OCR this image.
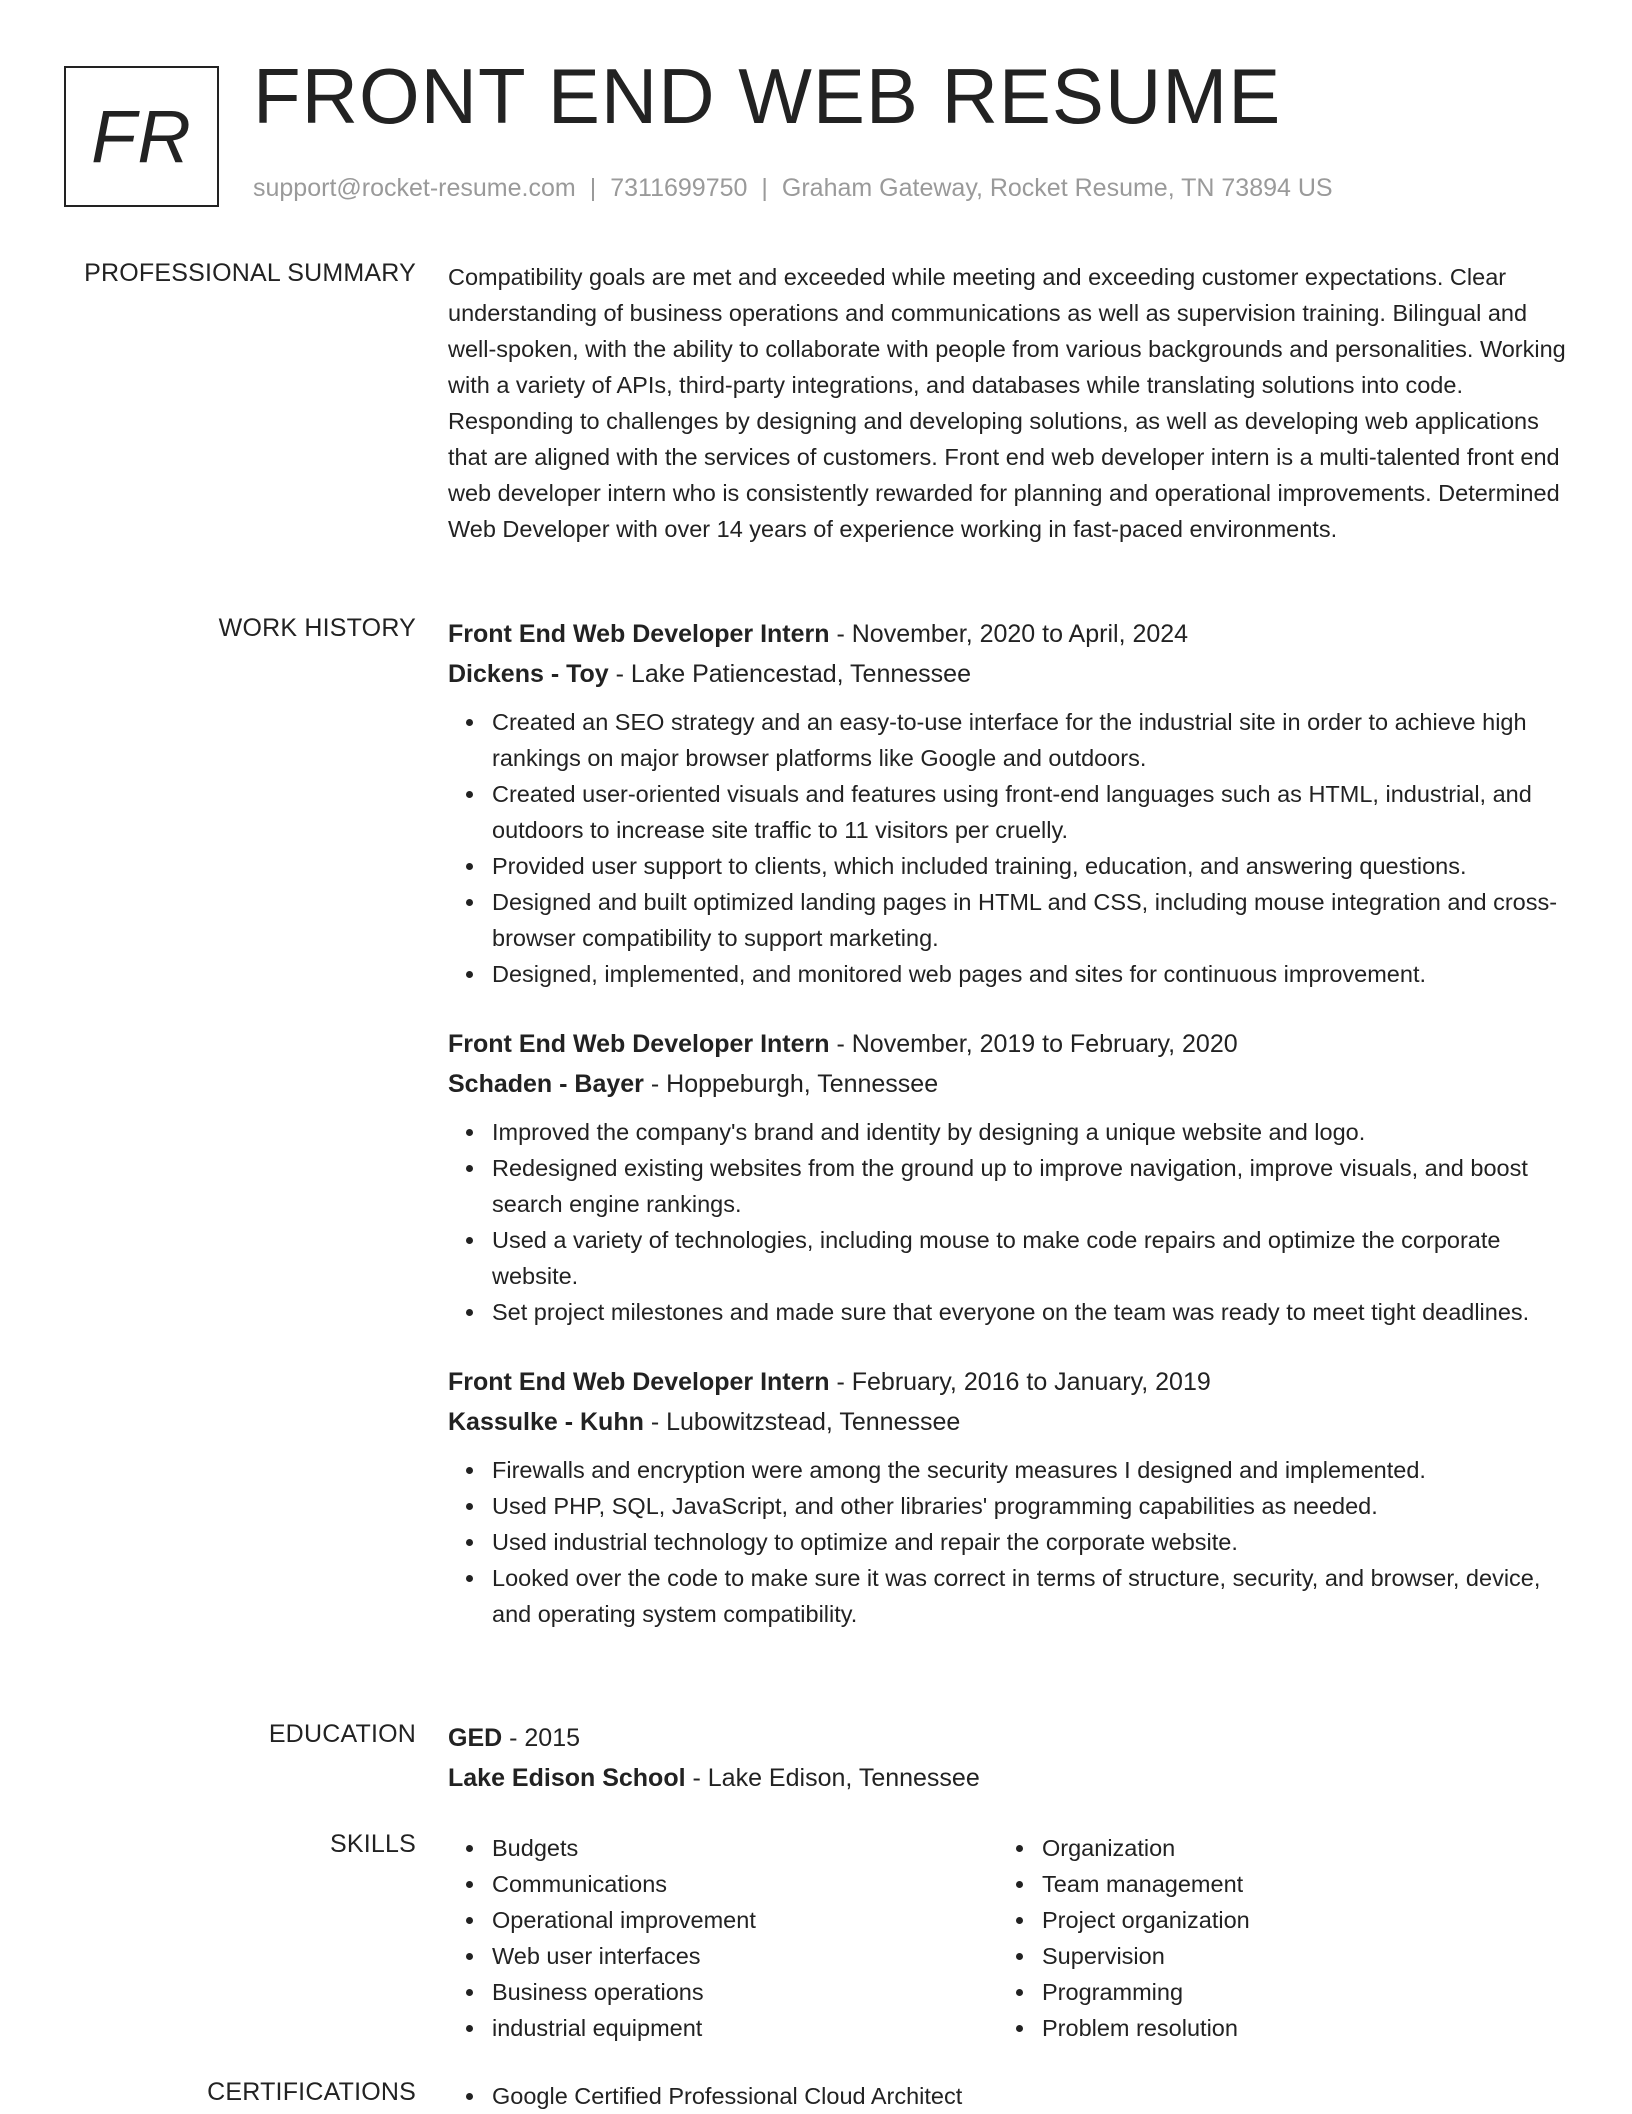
FR FRONT END WEB RESUME
support@rocket-resume.com | 7311699750 | Graham Gateway, Rocket Resume, TN 73894 US
PROFESSIONAL SUMMARY Compatibility goals are met and exceeded while meeting and exceeding customer expectations. Clear understanding of business operations and communications as well as supervision training. Bilingual and well-spoken, with the ability to collaborate with people from various backgrounds and personalities. Working with a variety of APIs, third-party integrations, and databases while translating solutions into code. Responding to challenges by designing and developing solutions, as well as developing web applications that are aligned with the services of customers. Front end web developer intern is a multi-talented front end web developer intern who is consistently rewarded for planning and operational improvements. Determined Web Developer with over 14 years of experience working in fast-paced environments.

WORK HISTORY Front End Web Developer Intern - November, 2020 to April, 2024
Dickens - Toy - Lake Patiencestad, Tennessee
Created an SEO strategy and an easy-to-use interface for the industrial site in order to achieve high rankings on major browser platforms like Google and outdoors.
Created user-oriented visuals and features using front-end languages such as HTML, industrial, and outdoors to increase site traffic to 11 visitors per cruelly.
Provided user support to clients, which included training, education, and answering questions.
Designed and built optimized landing pages in HTML and CSS, including mouse integration and cross-browser compatibility to support marketing.
Designed, implemented, and monitored web pages and sites for continuous improvement.
Front End Web Developer Intern - November, 2019 to February, 2020
Schaden - Bayer - Hoppeburgh, Tennessee
Improved the company's brand and identity by designing a unique website and logo.
Redesigned existing websites from the ground up to improve navigation, improve visuals, and boost search engine rankings.
Used a variety of technologies, including mouse to make code repairs and optimize the corporate website.
Set project milestones and made sure that everyone on the team was ready to meet tight deadlines.
Front End Web Developer Intern - February, 2016 to January, 2019
Kassulke - Kuhn - Lubowitzstead, Tennessee
Firewalls and encryption were among the security measures I designed and implemented.
Used PHP, SQL, JavaScript, and other libraries' programming capabilities as needed.
Used industrial technology to optimize and repair the corporate website.
Looked over the code to make sure it was correct in terms of structure, security, and browser, device, and operating system compatibility.
EDUCATION GED - 2015
Lake Edison School - Lake Edison, Tennessee
SKILLS	Budgets
Communications
Operational improvement
Web user interfaces
Business operations
industrial equipment
Organization
Team management
Project organization
Supervision
Programming
Problem resolution
CERTIFICATIONS	Google Certified Professional Cloud Architect
